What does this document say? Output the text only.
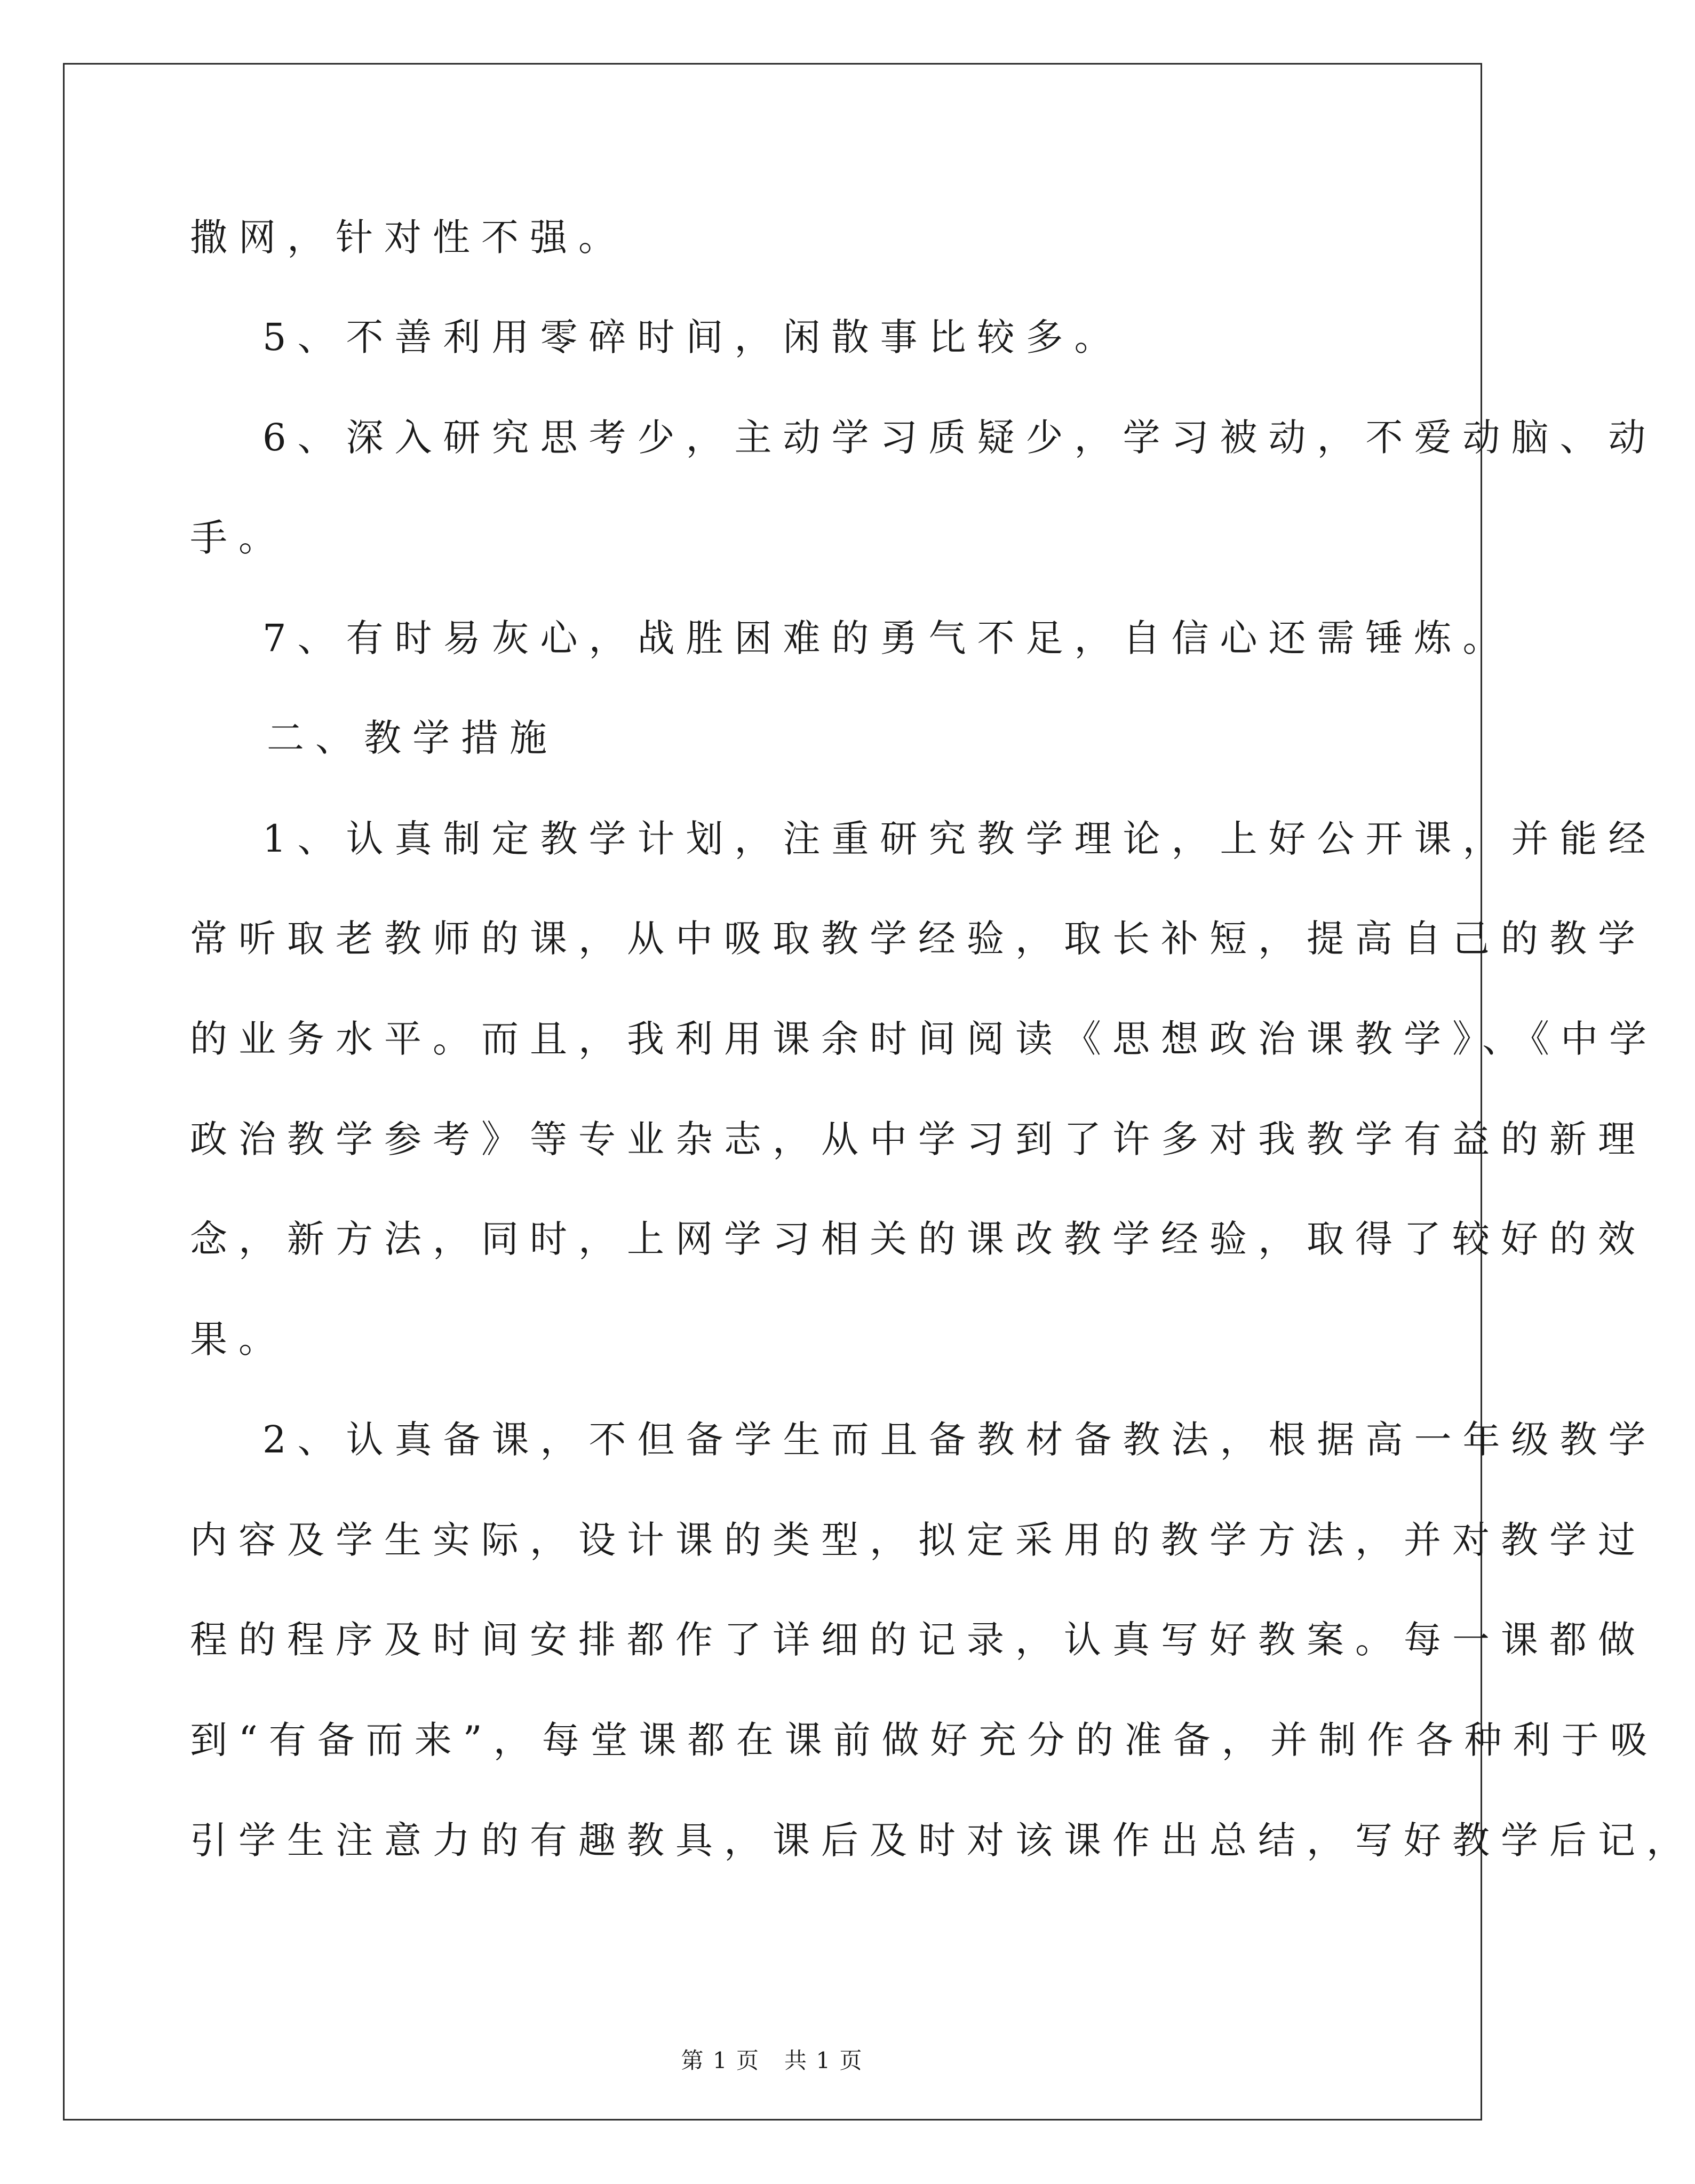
撒网，针对性不强。
5、不善利用零碎时间，闲散事比较多。
6、深入研究思考少，主动学习质疑少，学习被动，不爱动脑、动
手。
7、有时易灰心，战胜困难的勇气不足，自信心还需锤炼。
二、教学措施
1、认真制定教学计划，注重研究教学理论，上好公开课，并能经
常听取老教师的课，从中吸取教学经验，取长补短，提高自己的教学
的业务水平。而且，我利用课余时间阅读《思想政治课教学》、《中学
政治教学参考》等专业杂志，从中学习到了许多对我教学有益的新理
念，新方法，同时，上网学习相关的课改教学经验，取得了较好的效
果。
2、认真备课，不但备学生而且备教材备教法，根据高一年级教学
内容及学生实际，设计课的类型，拟定采用的教学方法，并对教学过
程的程序及时间安排都作了详细的记录，认真写好教案。每一课都做
到“有备而来”，每堂课都在课前做好充分的准备，并制作各种利于吸
引学生注意力的有趣教具，课后及时对该课作出总结，写好教学后记，
第 1 页   共 1 页
